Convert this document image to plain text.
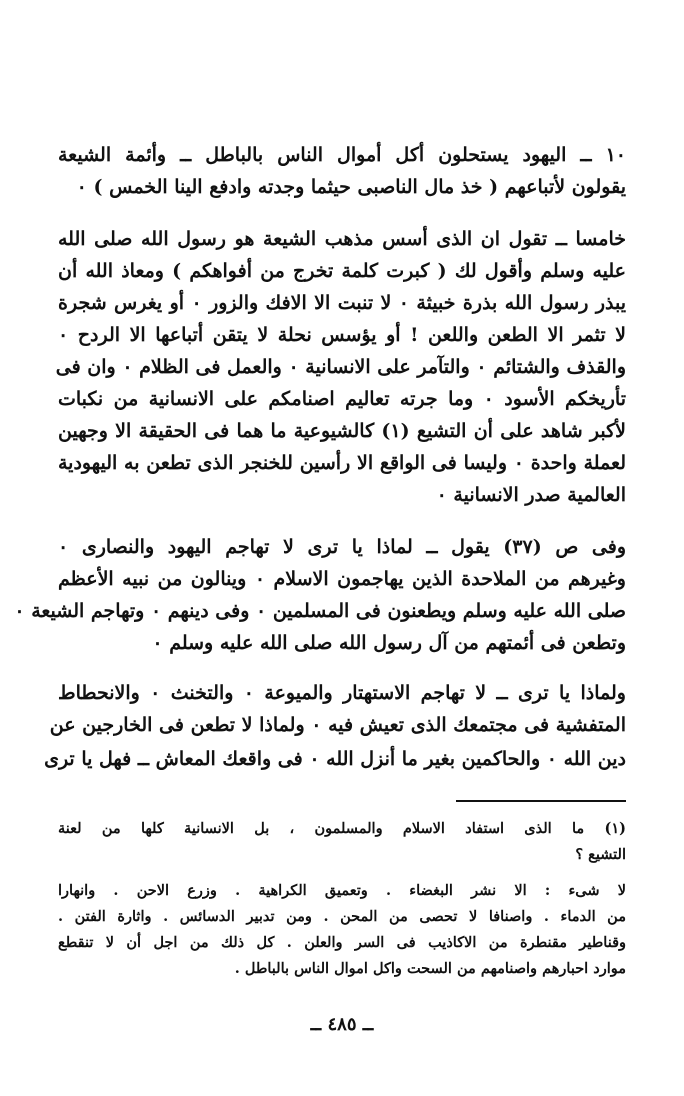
١٠ ــ اليهود يستحلون أكل أموال الناس بالباطل ــ وأئمة الشيعة
يقولون لأتباعهم ( خذ مال الناصبى حيثما وجدته وادفع الينا الخمس ) ٠
خامسا ــ تقول ان الذى أسس مذهب الشيعة هو رسول الله صلى الله
عليه وسلم وأقول لك ( كبرت كلمة تخرج من أفواهكم ) ومعاذ الله أن
يبذر رسول الله بذرة خبيثة ٠ لا تنبت الا الافك والزور ٠ أو يغرس شجرة
لا تثمر الا الطعن واللعن ! أو يؤسس نحلة لا يتقن أتباعها الا الردح ٠
والقذف والشتائم ٠ والتآمر على الانسانية ٠ والعمل فى الظلام ٠ وان فى
تأريخكم الأسود ٠ وما جرته تعاليم اصنامكم على الانسانية من نكبات
لأكبر شاهد على أن التشيع (١) كالشيوعية ما هما فى الحقيقة الا وجهين
لعملة واحدة ٠ وليسا فى الواقع الا رأسين للخنجر الذى تطعن به اليهودية
العالمية صدر الانسانية ٠
وفى ص (٣٧) يقول ــ لماذا يا ترى لا تهاجم اليهود والنصارى ٠
وغيرهم من الملاحدة الذين يهاجمون الاسلام ٠ وينالون من نبيه الأعظم
صلى الله عليه وسلم ويطعنون فى المسلمين ٠ وفى دينهم ٠ وتهاجم الشيعة ٠
وتطعن فى أئمتهم من آل رسول الله صلى الله عليه وسلم ٠
ولماذا يا ترى ــ لا تهاجم الاستهتار والميوعة ٠ والتخنث ٠ والانحطاط
المتفشية فى مجتمعك الذى تعيش فيه ٠ ولماذا لا تطعن فى الخارجين عن
دين الله ٠ والحاكمين بغير ما أنزل الله ٠ فى واقعك المعاش ــ فهل يا ترى
(١) ما الذى استفاد الاسلام والمسلمون ، بل الانسانية كلها من لعنة
التشيع ؟
لا شىء : الا نشر البغضاء . وتعميق الكراهية . وزرع الاحن . وانهارا
من الدماء . واصنافا لا تحصى من المحن . ومن تدبير الدسائس . واثارة الفتن .
وقناطير مقنطرة من الاكاذيب فى السر والعلن . كل ذلك من اجل أن لا تنقطع
موارد احبارهم واصنامهم من السحت واكل اموال الناس بالباطل .
ــ ٤٨٥ ــ
